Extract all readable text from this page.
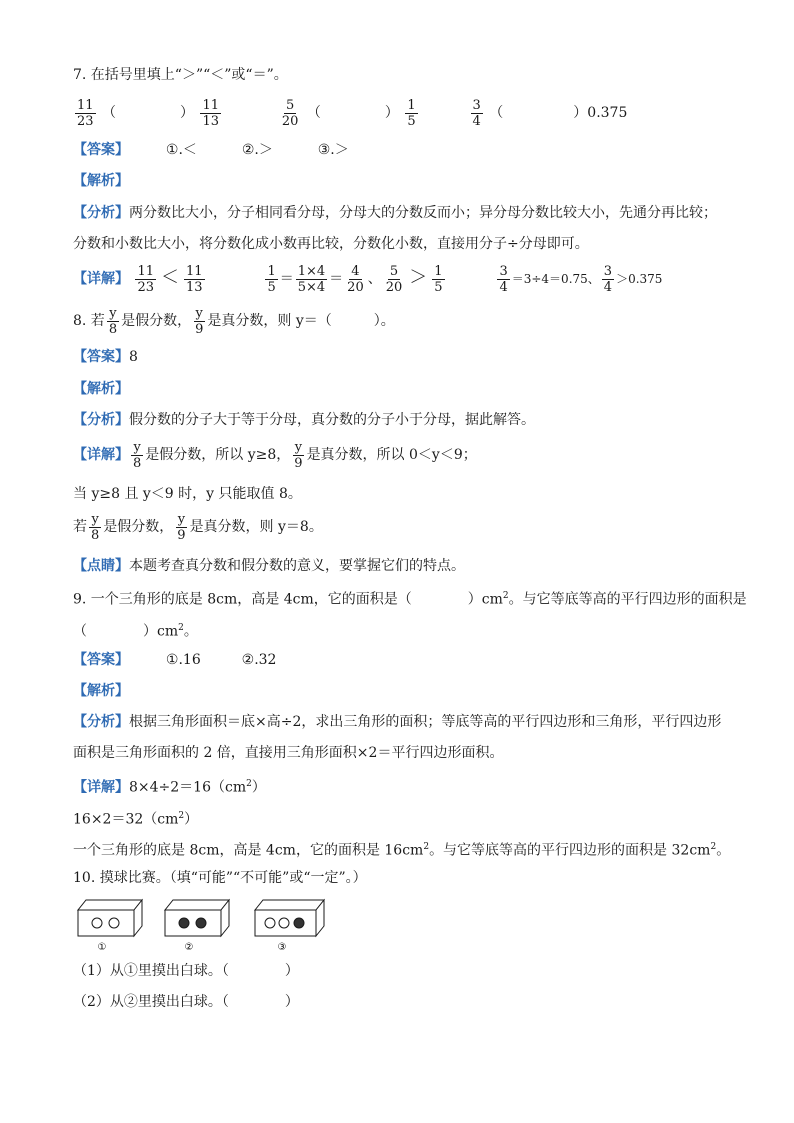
7. 在括号里填上“＞”“＜”或“＝”。
$\frac{11}{23}$ （	） $\frac{11}{13}$
	$\frac{5}{20}$ （	） $\frac{1}{5}$
	$\frac{3}{4}$ （	）0.375
【答案】	①.＜	②.＞	③.＞
【解析】
【分析】两分数比大小，分子相同看分母，分母大的分数反而小；异分母分数比较大小，先通分再比较；
分数和小数比大小，将分数化成小数再比较，分数化小数，直接用分子÷分母即可。
【详解】 $\frac{11}{23} < \frac{11}{13}$
	$\frac{1}{5} = \frac{1\times 4}{5\times 4} = \frac{4}{20}$ 、 $\frac{5}{20} > \frac{1}{5}$
	$\frac{3}{4} =3\div 4=0.75$、 $\frac{3}{4} >0.375$
8. 若 $\frac{y}{8}$ 是假分数， $\frac{y}{9}$ 是真分数，则 y＝（　　　）。
【答案】8
【解析】
【分析】假分数的分子大于等于分母，真分数的分子小于分母，据此解答。
【详解】 $\frac{y}{8}$ 是假分数，所以 y≥8， $\frac{y}{9}$ 是真分数，所以 0＜y＜9；
当 y≥8 且 y＜9 时，y 只能取值 8。
若 $\frac{y}{8}$ 是假分数， $\frac{y}{9}$ 是真分数，则 y＝8。
【点睛】本题考查真分数和假分数的意义，要掌握它们的特点。
9. 一个三角形的底是 8cm，高是 4cm，它的面积是（　　　　）$cm^2$。与它等底等高的平行四边形的面积是
（　　　　）$cm^2$。
【答案】	①.16	②.32
【解析】
【分析】根据三角形面积＝底×高÷2，求出三角形的面积；等底等高的平行四边形和三角形，平行四边形
面积是三角形面积的 2 倍，直接用三角形面积×2＝平行四边形面积。
【详解】$8\times 4\div 2=16(cm^2)$
$16\times 2=32(cm^2)$
一个三角形的底是 8cm，高是 4cm，它的面积是 $16cm^2$。与它等底等高的平行四边形的面积是 $32cm^2$。
10. 摸球比赛。（填“可能”“不可能”或“一定”。）
①	②	③
（1）从①里摸出白球。（　　　　）
（2）从②里摸出白球。（　　　　）
